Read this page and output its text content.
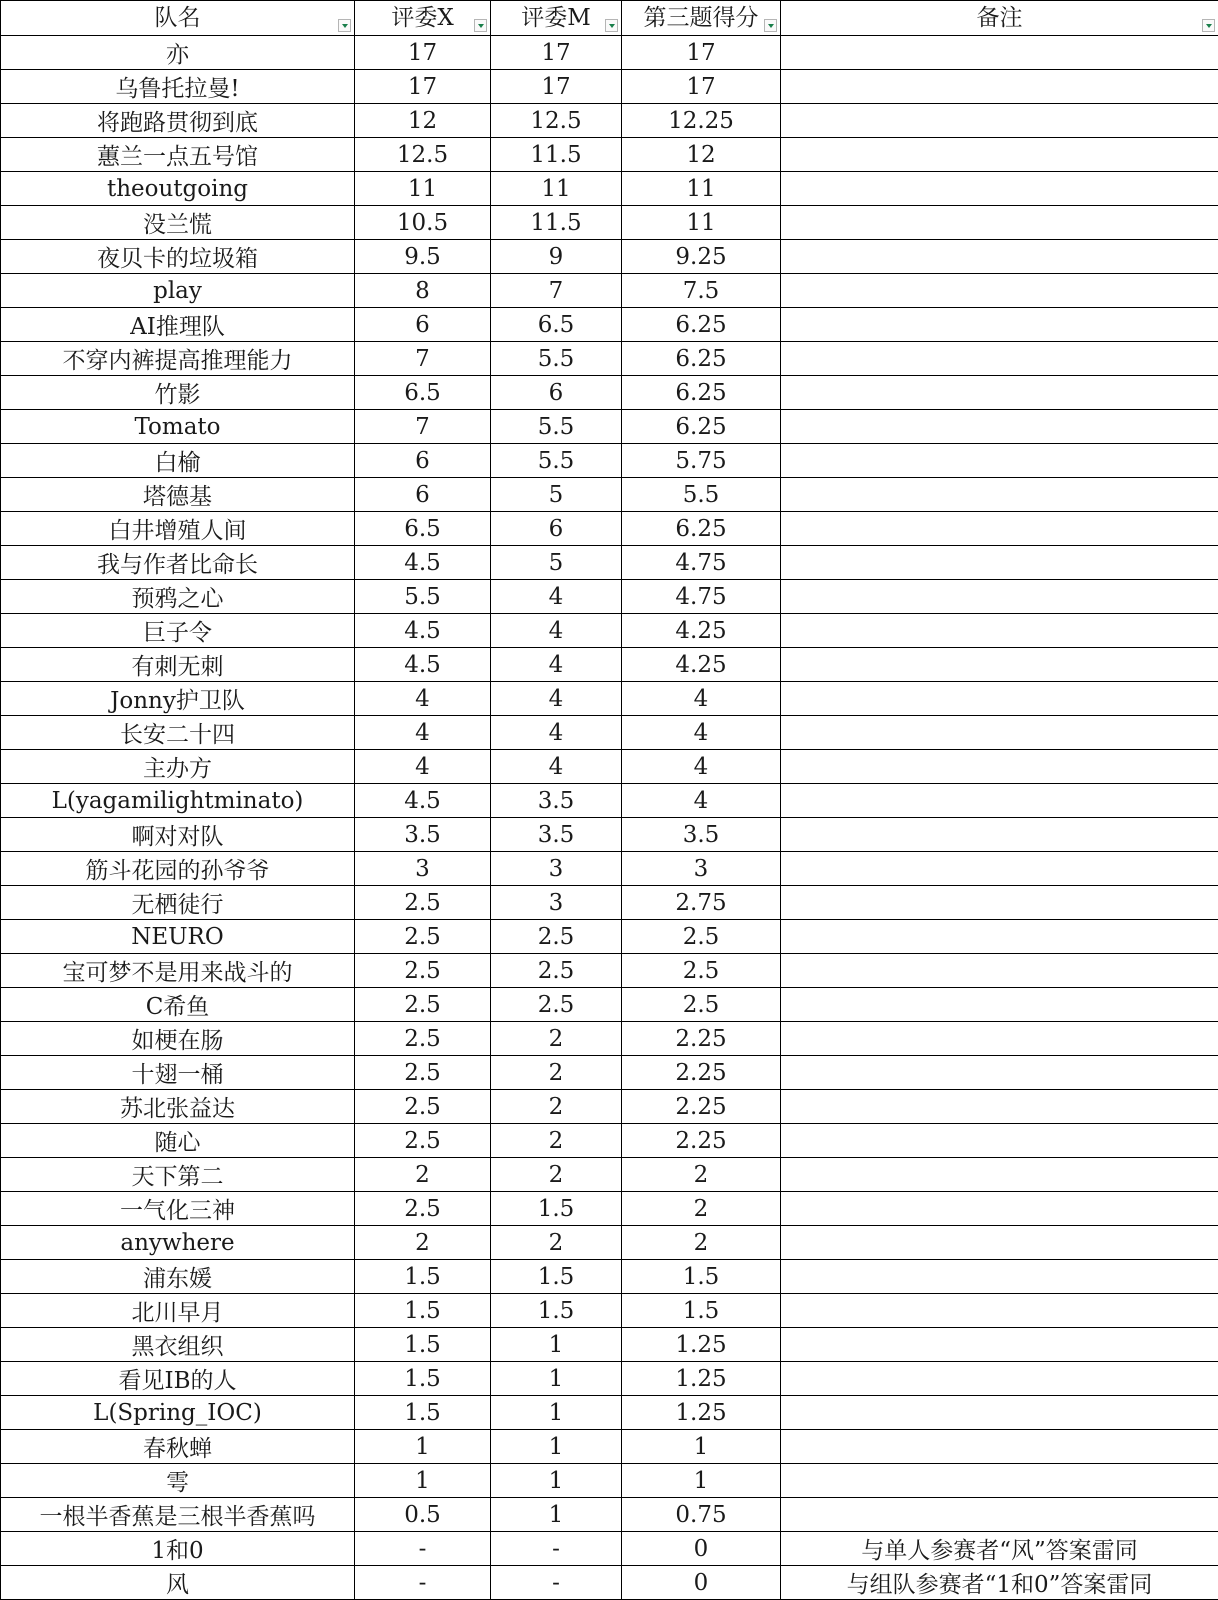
队名	评委X	评委M	第三题得分	备注

亦	17	17	17	
乌鲁托拉曼!	17	17	17	
将跑路贯彻到底	12	12.5	12.25	
蕙兰一点五号馆	12.5	11.5	12	
theoutgoing	11	11	11	
没兰慌	10.5	11.5	11	
夜贝卡的垃圾箱	9.5	9	9.25	
play	8	7	7.5	
AI推理队	6	6.5	6.25	
不穿内裤提高推理能力	7	5.5	6.25	
竹影	6.5	6	6.25	
Tomato	7	5.5	6.25	
白榆	6	5.5	5.75	
塔德基	6	5	5.5	
白井增殖人间	6.5	6	6.25	
我与作者比命长	4.5	5	4.75	
预鸦之心	5.5	4	4.75	
巨子令	4.5	4	4.25	
有刺无刺	4.5	4	4.25	
Jonny护卫队	4	4	4	
长安二十四	4	4	4	
主办方	4	4	4	
L(yagamilightminato)	4.5	3.5	4	
啊对对队	3.5	3.5	3.5	
筋斗花园的孙爷爷	3	3	3	
无栖徒行	2.5	3	2.75	
NEURO	2.5	2.5	2.5	
宝可梦不是用来战斗的	2.5	2.5	2.5	
C希鱼	2.5	2.5	2.5	
如梗在肠	2.5	2	2.25	
十翅一桶	2.5	2	2.25	
苏北张益达	2.5	2	2.25	
随心	2.5	2	2.25	
天下第二	2	2	2	
一气化三神	2.5	1.5	2	
anywhere	2	2	2	
浦东媛	1.5	1.5	1.5	
北川早月	1.5	1.5	1.5	
黑衣组织	1.5	1	1.25	
看见IB的人	1.5	1	1.25	
L(Spring_IOC)	1.5	1	1.25	
春秋蝉	1	1	1	
雩	1	1	1	
一根半香蕉是三根半香蕉吗	0.5	1	0.75	
1和0	-	-	0	与单人参赛者“风”答案雷同
风	-	-	0	与组队参赛者“1和0”答案雷同
